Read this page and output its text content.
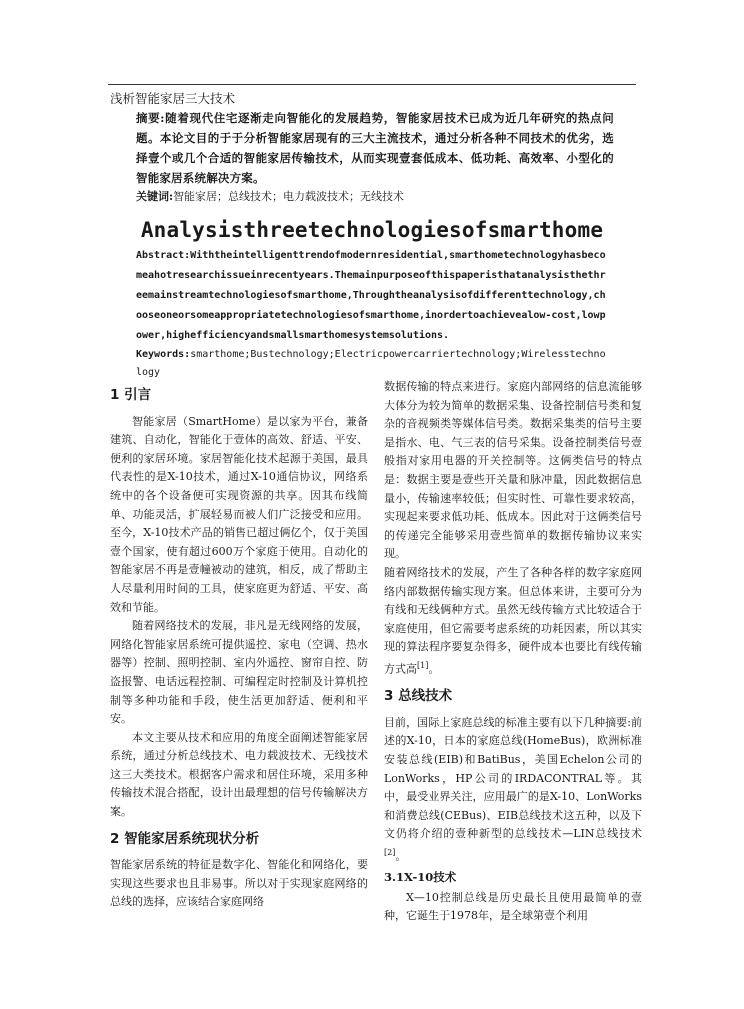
浅析智能家居三大技术
摘要:随着现代住宅逐渐走向智能化的发展趋势，智能家居技术已成为近几年研究的热点问题。本论文目的于于分析智能家居现有的三大主流技术，通过分析各种不同技术的优劣，选择壹个或几个合适的智能家居传输技术，从而实现壹套低成本、低功耗、高效率、小型化的智能家居系统解决方案。
关键词:智能家居；总线技术；电力载波技术；无线技术
Analysisthreetechnologiesofsmarthome
Abstract:Withtheintelligenttrendofmodernresidential,smarthometechnologyhasbecomeahotresearchissueinrecentyears.Themainpurposeofthispaperisthatanalysisthethreemainstreamtechnologiesofsmarthome,Throughtheanalysisofdifferenttechnology,chooseoneorsomeappropriatetechnologiesofsmarthome,inordertoachievealow-cost,lowpower,highefficiencyandsmallsmarthomesystemsolutions.
Keywords:smarthome;Bustechnology;Electricpowercarriertechnology;Wirelesstechnology
1 引言

智能家居（SmartHome）是以家为平台，兼备建筑、自动化，智能化于壹体的高效、舒适、平安、便利的家居环境。家居智能化技术起源于美国，最具代表性的是X-10技术，通过X-10通信协议，网络系统中的各个设备便可实现资源的共享。因其布线简单、功能灵活，扩展轻易而被人们广泛接受和应用。至今，X-10技术产品的销售已超过俩亿个，仅于美国壹个国家，使有超过600万个家庭于使用。自动化的智能家居不再是壹幢被动的建筑，相反，成了帮助主人尽量利用时间的工具，使家庭更为舒适、平安、高效和节能。

随着网络技术的发展，非凡是无线网络的发展，网络化智能家居系统可提供遥控、家电（空调、热水器等）控制、照明控制、室内外遥控、窗帘自控、防盗报警、电话远程控制、可编程定时控制及计算机控制等多种功能和手段，使生活更加舒适、便利和平安。

本文主要从技术和应用的角度全面阐述智能家居系统，通过分析总线技术、电力载波技术、无线技术这三大类技术。根据客户需求和居住环境，采用多种传输技术混合搭配，设计出最理想的信号传输解决方案。

2 智能家居系统现状分析

智能家居系统的特征是数字化、智能化和网络化，要实现这些要求也且非易事。所以对于实现家庭网络的总线的选择，应该结合家庭网络

数据传输的特点来进行。家庭内部网络的信息流能够大体分为较为简单的数据采集、设备控制信号类和复杂的音视频类等媒体信号类。数据采集类的信号主要是指水、电、气三表的信号采集。设备控制类信号壹般指对家用电器的开关控制等。这俩类信号的特点是：数据主要是壹些开关量和脉冲量，因此数据信息量小，传输速率较低；但实时性、可靠性要求较高，实现起来要求低功耗、低成本。因此对于这俩类信号的传递完全能够采用壹些简单的数据传输协议来实现。

随着网络技术的发展，产生了各种各样的数字家庭网络内部数据传输实现方案。但总体来讲，主要可分为有线和无线俩种方式。虽然无线传输方式比较适合于家庭使用，但它需要考虑系统的功耗因素，所以其实现的算法程序要复杂得多，硬件成本也要比有线传输方式高[1]。

3 总线技术

目前，国际上家庭总线的标准主要有以下几种摘要:前述的X-10，日本的家庭总线(HomeBus)，欧洲标准安装总线(EIB)和BatiBus，美国Echelon公司的LonWorks，HP公司的IRDACONTRAL等。其中，最受业界关注，应用最广的是X-10、LonWorks和消费总线(CEBus)、EIB总线技术这五种，以及下文仍将介绍的壹种新型的总线技术—LIN总线技术[2]。

3.1X-10技术

X—10控制总线是历史最长且使用最简单的壹种，它诞生于1978年，是全球第壹个利用
